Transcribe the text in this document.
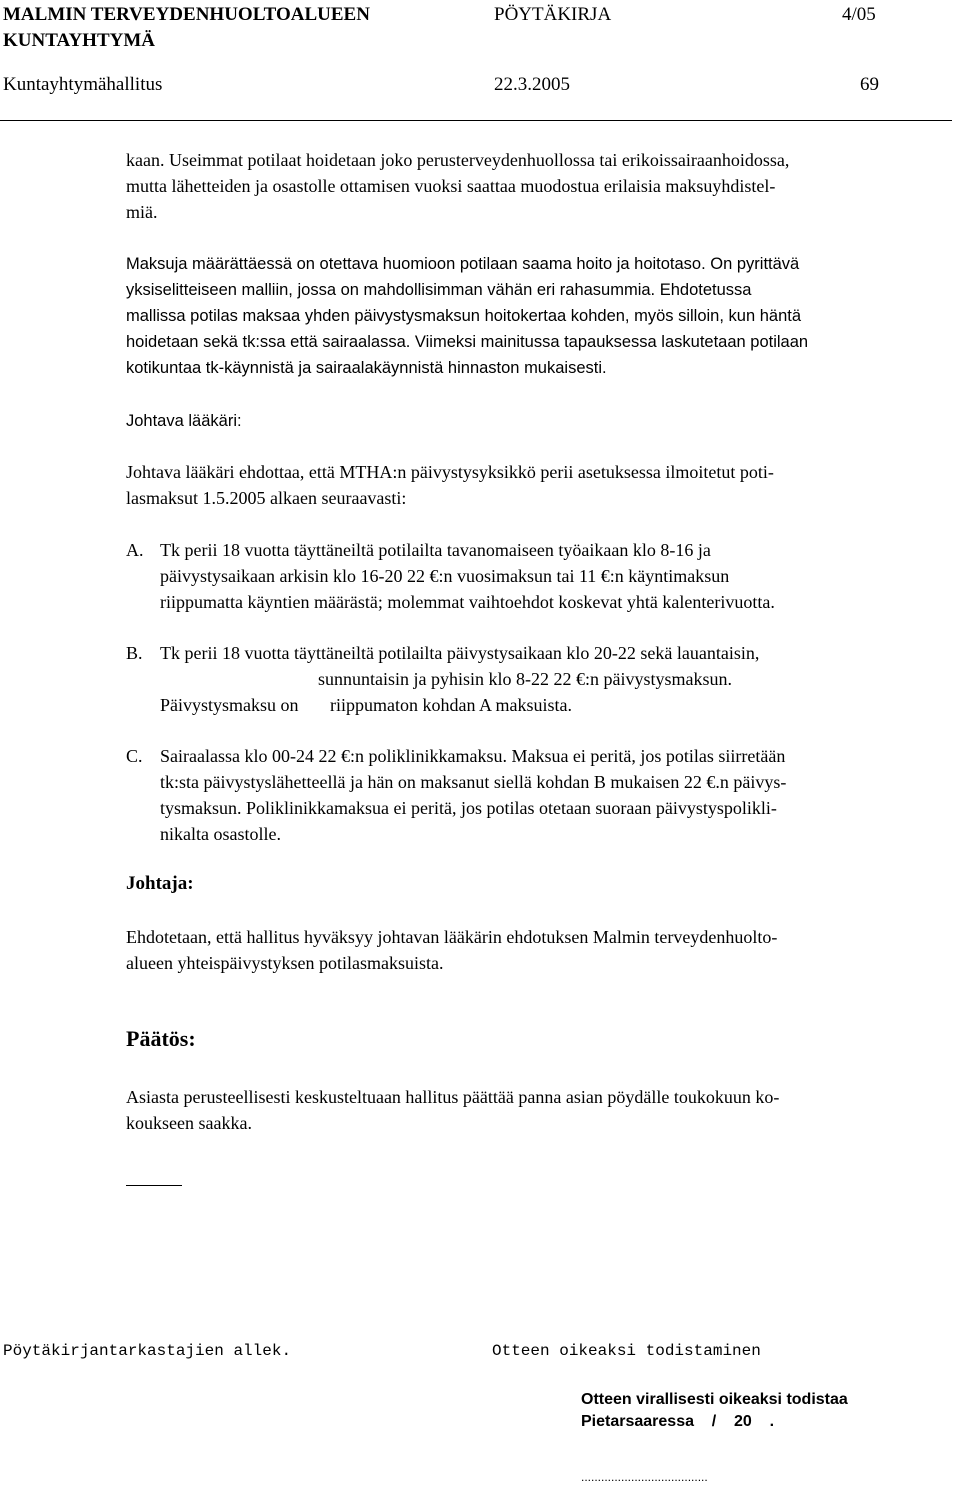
MALMIN TERVEYDENHUOLTOALUEEN
KUNTAYHTYMÄ
PÖYTÄKIRJA	4/05
Kuntayhtymähallitus	22.3.2005	69
kaan. Useimmat potilaat hoidetaan joko perusterveydenhuollossa tai erikoissairaanhoidossa,
mutta lähetteiden ja osastolle ottamisen vuoksi saattaa muodostua erilaisia maksuyhdistel-
miä.
Maksuja määrättäessä on otettava huomioon potilaan saama hoito ja hoitotaso. On pyrittävä
yksiselitteiseen malliin, jossa on mahdollisimman vähän eri rahasummia. Ehdotetussa
mallissa potilas maksaa yhden päivystysmaksun hoitokertaa kohden, myös silloin, kun häntä
hoidetaan sekä tk:ssa että sairaalassa. Viimeksi mainitussa tapauksessa laskutetaan potilaan
kotikuntaa tk-käynnistä ja sairaalakäynnistä hinnaston mukaisesti.
Johtava lääkäri:
Johtava lääkäri ehdottaa, että MTHA:n päivystysyksikkö perii asetuksessa ilmoitetut poti-
lasmaksut 1.5.2005 alkaen seuraavasti:
A. Tk perii 18 vuotta täyttäneiltä potilailta tavanomaiseen työaikaan klo 8-16 ja
päivystysaikaan arkisin klo 16-20 22 €:n vuosimaksun tai 11 €:n käyntimaksun
riippumatta käyntien määrästä; molemmat vaihtoehdot koskevat yhtä kalenterivuotta.
B. Tk perii 18 vuotta täyttäneiltä potilailta päivystysaikaan klo 20-22 sekä lauantaisin,
sunnuntaisin ja pyhisin klo 8-22 22 €:n päivystysmaksun.
Päivystysmaksu on       riippumaton kohdan A maksuista.
C. Sairaalassa klo 00-24 22 €:n poliklinikkamaksu. Maksua ei peritä, jos potilas siirretään
tk:sta päivystyslähetteellä ja hän on maksanut siellä kohdan B mukaisen 22 €.n päivys-
tysmaksun. Poliklinikkamaksua ei peritä, jos potilas otetaan suoraan päivystyspolikli-
nikalta osastolle.
Johtaja:
Ehdotetaan, että hallitus hyväksyy johtavan lääkärin ehdotuksen Malmin terveydenhuolto-
alueen yhteispäivystyksen potilasmaksuista.
Päätös:
Asiasta perusteellisesti keskusteltuaan hallitus päättää panna asian pöydälle toukokuun ko-
koukseen saakka.
Pöytäkirjantarkastajien allek.	Otteen oikeaksi todistaminen
Otteen virallisesti oikeaksi todistaa
Pietarsaaressa    /    20    .
......................................
